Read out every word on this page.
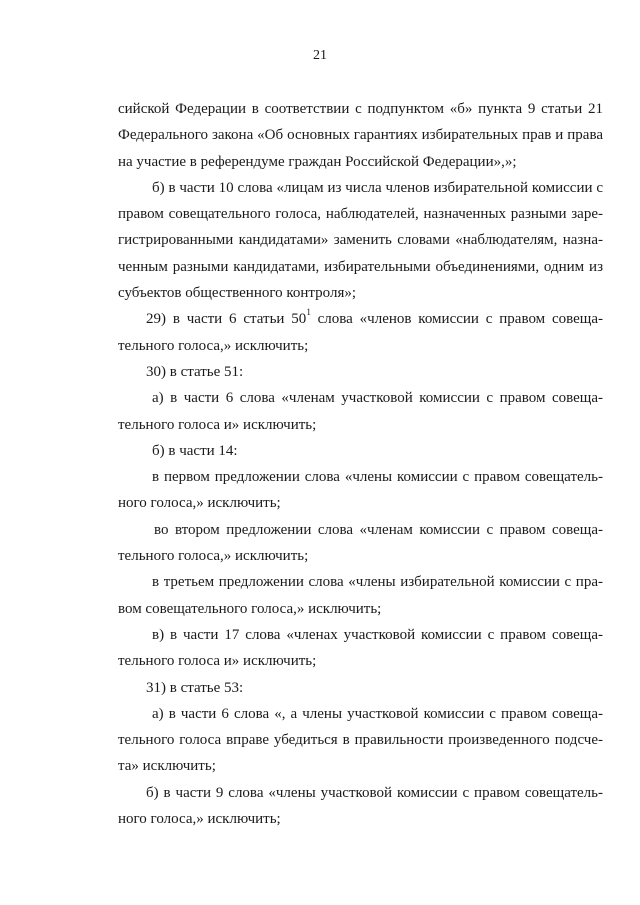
21

сийской Федерации в соответствии с подпунктом «б» пункта 9 статьи 21 Федерального закона «Об основных гарантиях избирательных прав и права на участие в референдуме граждан Российской Федерации»,»;

б) в части 10 слова «лицам из числа членов избирательной комиссии с правом совещательного голоса, наблюдателей, назначенных разными зарегистрированными кандидатами» заменить словами «наблюдателям, назначенным разными кандидатами, избирательными объединениями, одним из субъектов общественного контроля»;

29) в части 6 статьи $50^1$ слова «членов комиссии с правом совещательного голоса,» исключить;

30) в статье 51:

а) в части 6 слова «членам участковой комиссии с правом совещательного голоса и» исключить;

б) в части 14:

в первом предложении слова «члены комиссии с правом совещательного голоса,» исключить;

во втором предложении слова «членам комиссии с правом совещательного голоса,» исключить;

в третьем предложении слова «члены избирательной комиссии с правом совещательного голоса,» исключить;

в) в части 17 слова «членах участковой комиссии с правом совещательного голоса и» исключить;

31) в статье 53:

а) в части 6 слова «, а члены участковой комиссии с правом совещательного голоса вправе убедиться в правильности произведенного подсчета» исключить;

б) в части 9 слова «члены участковой комиссии с правом совещательного голоса,» исключить;
